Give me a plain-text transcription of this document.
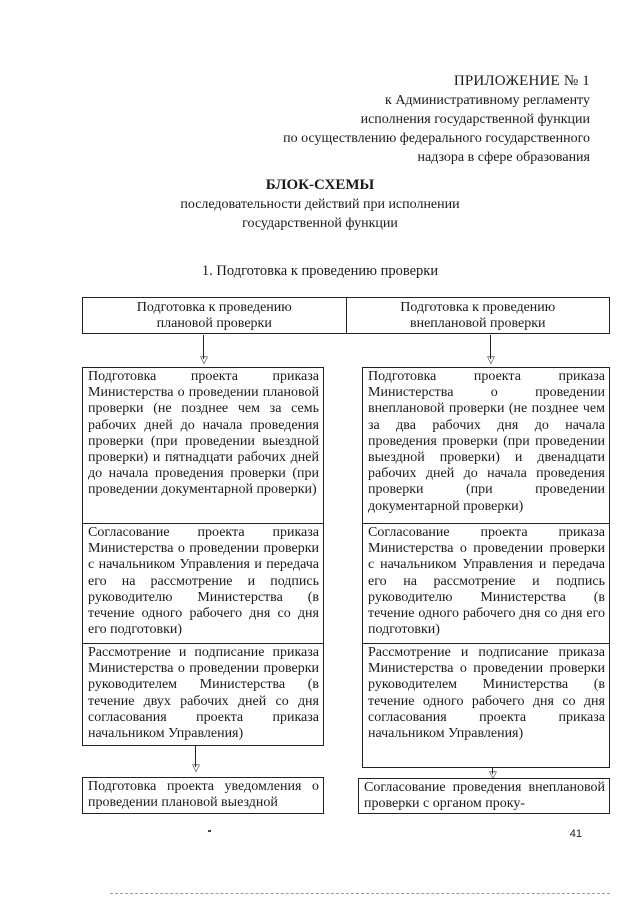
ПРИЛОЖЕНИЕ № 1
к Административному регламенту
исполнения государственной функции
по осуществлению федерального государственного
надзора в сфере образования
БЛОК-СХЕМЫ
последовательности действий при исполнении
государственной функции
1. Подготовка к проведению проверки
Подготовка к проведению
плановой проверки
Подготовка к проведению
внеплановой проверки
▽	▽
Подготовка проекта приказа Министерства о проведении плановой проверки (не позднее чем за семь рабочих дней до начала проведения проверки (при проведении выездной проверки) и пятнадцати рабочих дней до начала проведения проверки (при проведении документарной проверки)
Согласование проекта приказа Министерства о проведении проверки с начальником Управления и передача его на рассмотрение и подпись руководителю Министерства (в течение одного рабочего дня со дня его подготовки)
Рассмотрение и подписание приказа Министерства о проведении проверки руководителем Министерства (в течение двух рабочих дней со дня согласования проекта приказа начальником Управления)
Подготовка проекта приказа Министерства о проведении внеплановой проверки (не позднее чем за два рабочих дня до начала проведения проверки (при проведении выездной проверки) и двенадцати рабочих дней до начала проведения проверки (при проведении документарной проверки)
Согласование проекта приказа Министерства о проведении проверки с начальником Управления и передача его на рассмотрение и подпись руководителю Министерства (в течение одного рабочего дня со дня его подготовки)
Рассмотрение и подписание приказа Министерства о проведении проверки руководителем Министерства (в течение одного рабочего дня со дня согласования проекта приказа начальником Управления)
▽
▽
Подготовка проекта уведомления о проведении плановой выездной
Согласование проведения внеплановой проверки с органом проку-
41
